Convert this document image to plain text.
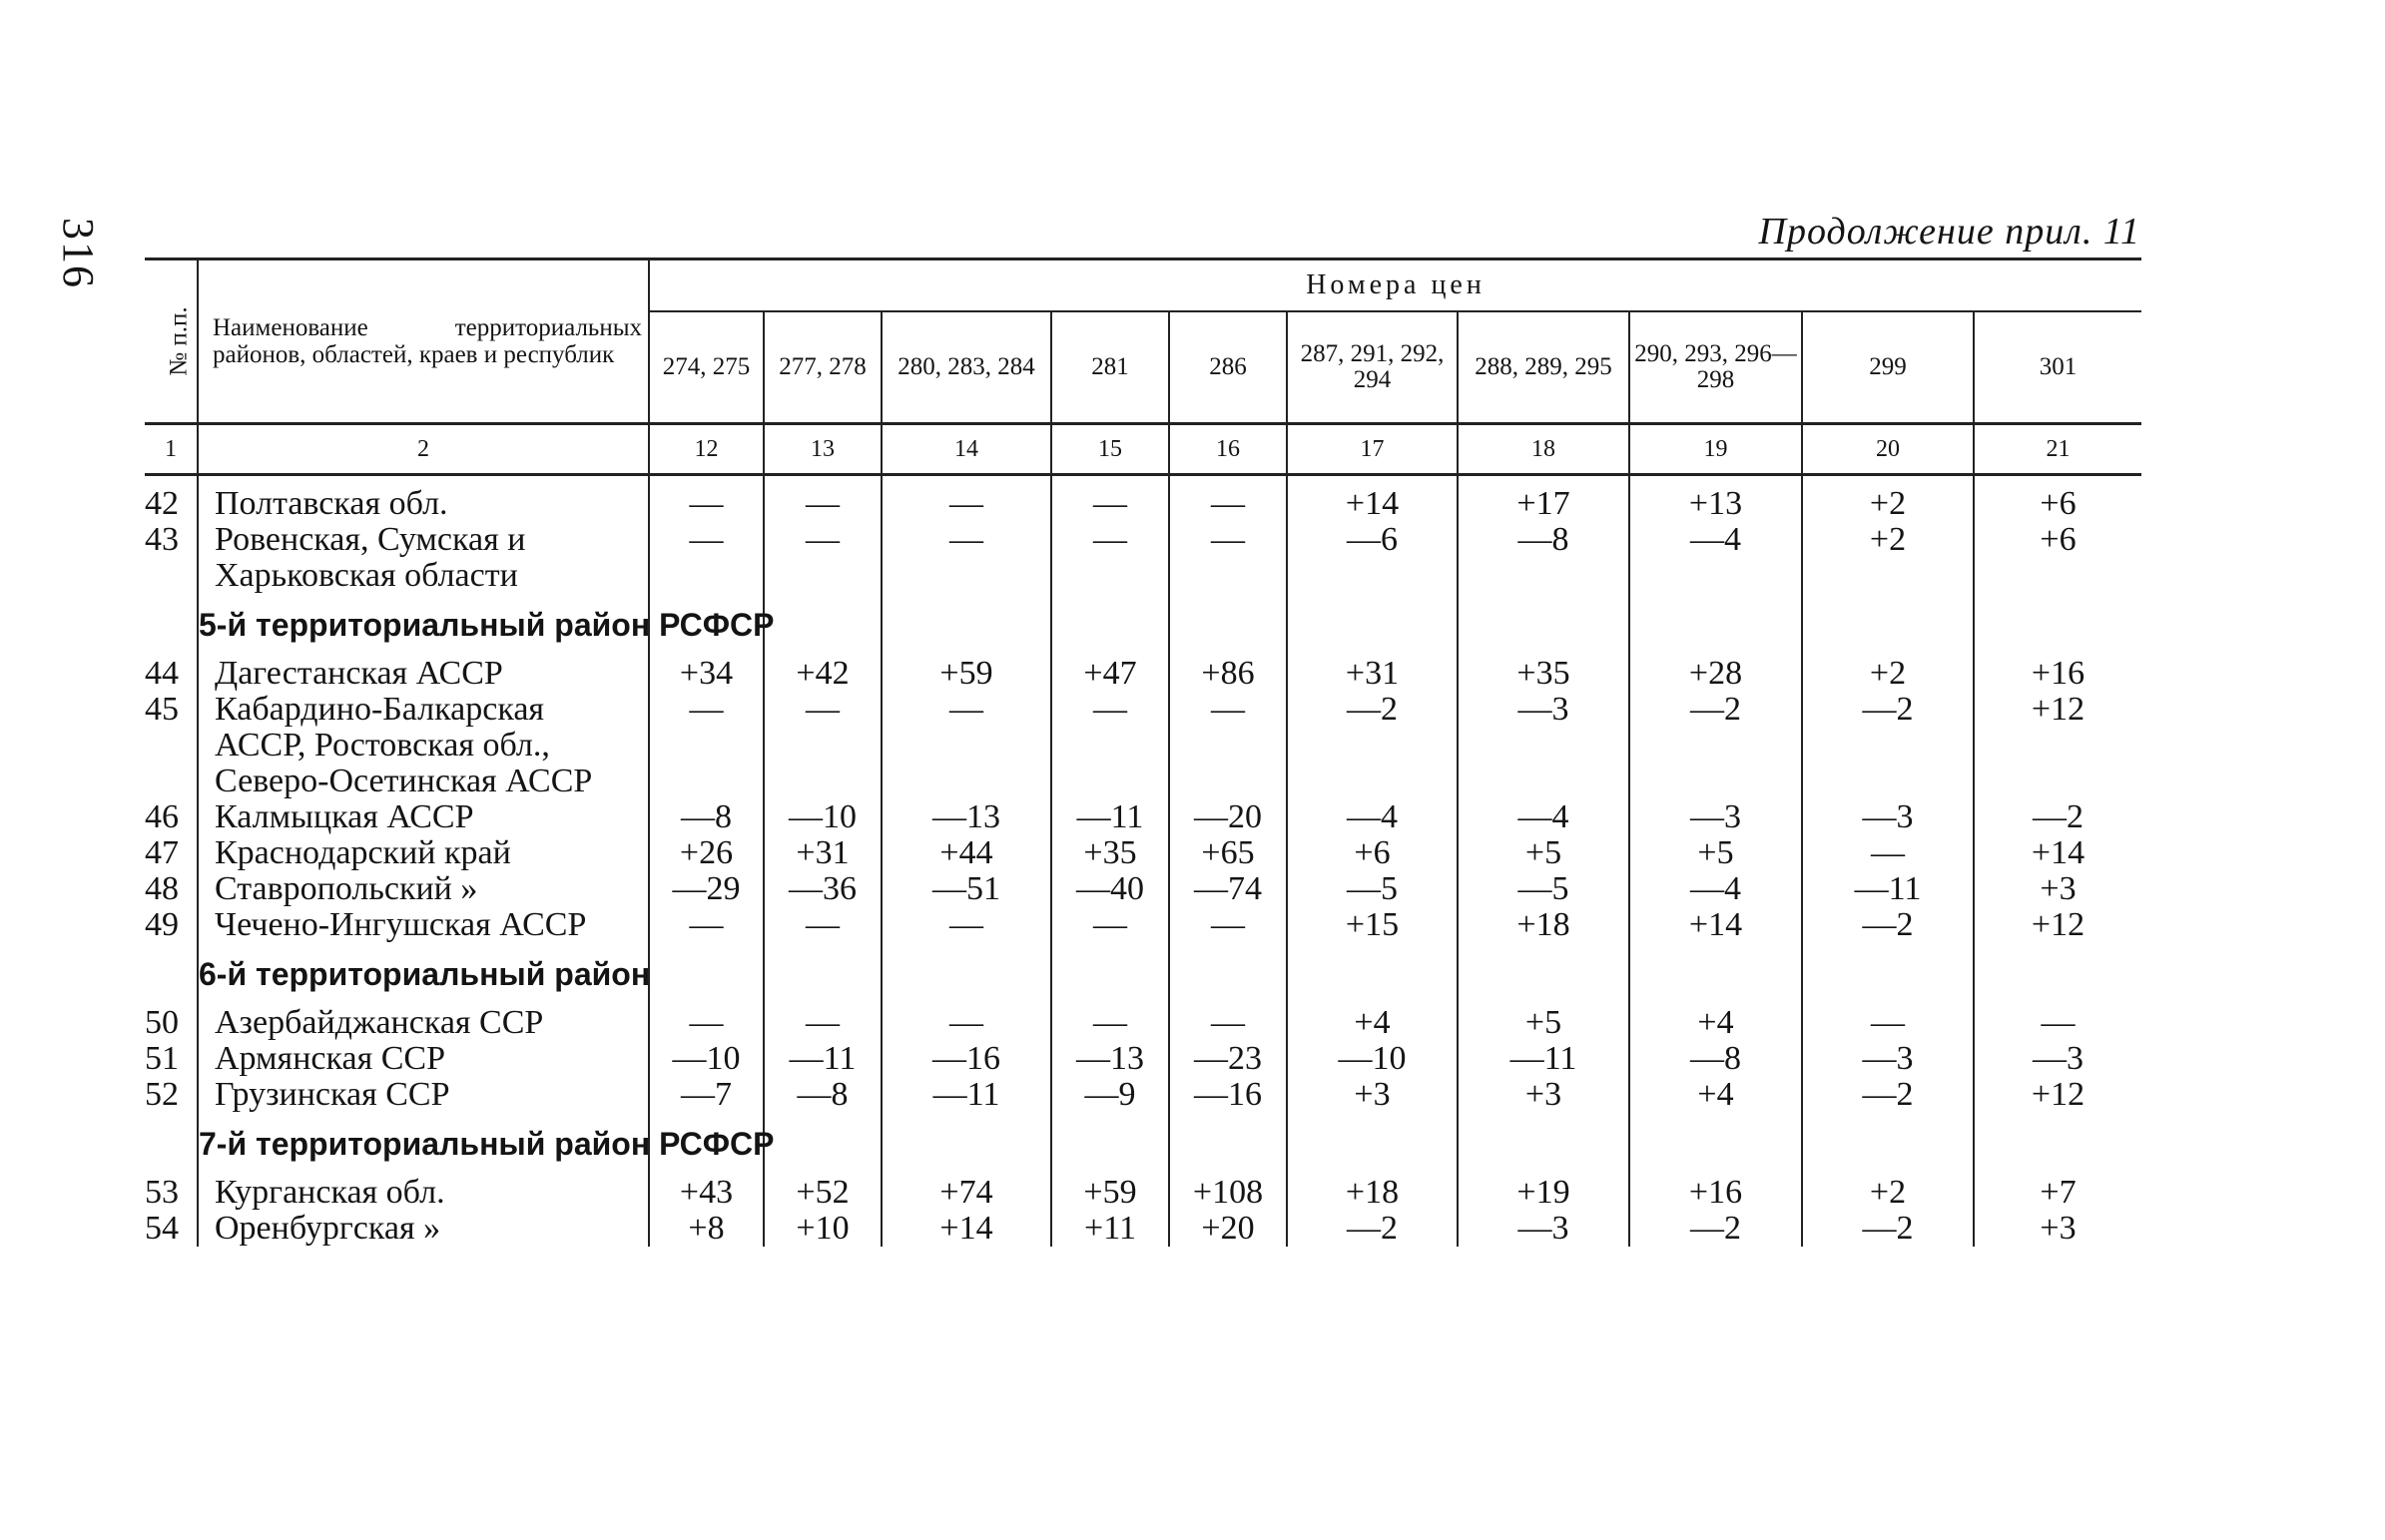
316	Продолжение прил. 11
№ п.п.	Наименование территориальных районов, областей, краев и республик	Номера цен									
		274, 275	277, 278	280, 283, 284	281	286	287, 291, 292, 294	288, 289, 295	290, 293, 296—298	299	301
1	2	12	13	14	15	16	17	18	19	20	21

42	Полтавская обл.	—	—	—	—	—	+14	+17	+13	+2	+6
43	Ровенская, Сумская и	—	—	—	—	—	—6	—8	—4	+2	+6
	Харьковская области										
	5-й территориальный район РСФСР										
44	Дагестанская АССР	+34	+42	+59	+47	+86	+31	+35	+28	+2	+16
45	Кабардино-Балкарская	—	—	—	—	—	—2	—3	—2	—2	+12
	АССР, Ростовская обл.,										
	Северо-Осетинская АССР										
46	Калмыцкая АССР	—8	—10	—13	—11	—20	—4	—4	—3	—3	—2
47	Краснодарский край	+26	+31	+44	+35	+65	+6	+5	+5	—	+14
48	Ставропольский »	—29	—36	—51	—40	—74	—5	—5	—4	—11	+3
49	Чечено-Ингушская АССР	—	—	—	—	—	+15	+18	+14	—2	+12
	6-й территориальный район										
50	Азербайджанская ССР	—	—	—	—	—	+4	+5	+4	—	—
51	Армянская ССР	—10	—11	—16	—13	—23	—10	—11	—8	—3	—3
52	Грузинская ССР	—7	—8	—11	—9	—16	+3	+3	+4	—2	+12
	7-й территориальный район РСФСР										
53	Курганская обл.	+43	+52	+74	+59	+108	+18	+19	+16	+2	+7
54	Оренбургская »	+8	+10	+14	+11	+20	—2	—3	—2	—2	+3
